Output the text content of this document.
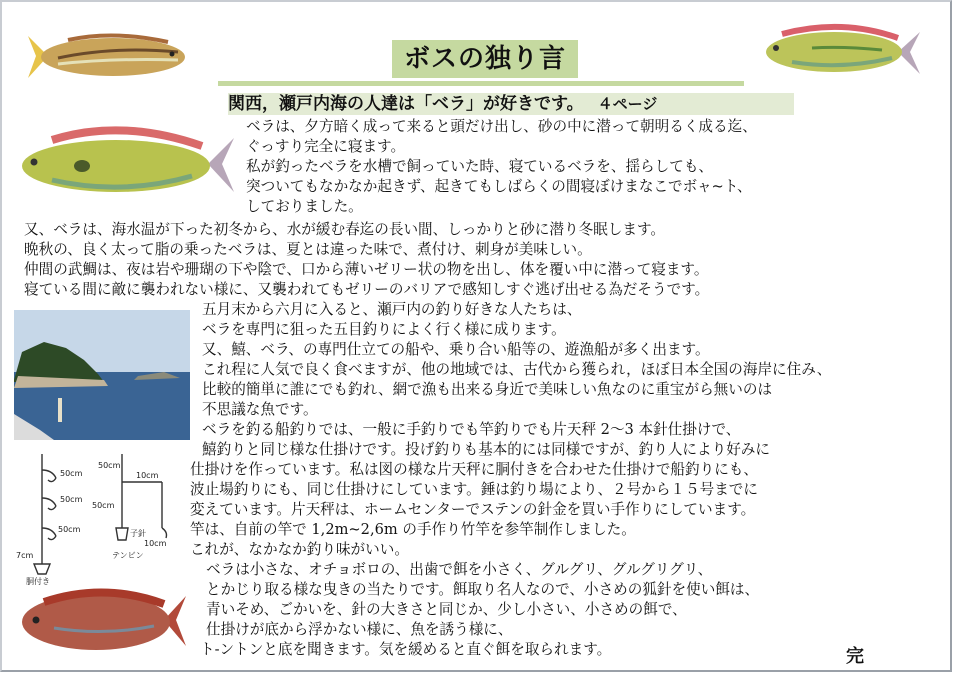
50cm
50cm
50cm
50cm
10cm
50cm
10cm
子針
7cm
胴付き
テンビン
ボスの独り言
関西，瀬戸内海の人達は「ベラ」が好きです。 ４ページ
ベラは、夕方暗く成って来ると頭だけ出し、砂の中に潜って朝明るく成る迄、
ぐっすり完全に寝ます。
私が釣ったベラを水槽で飼っていた時、寝ているベラを、揺らしても、
突ついてもなかなか起きず、起きてもしばらくの間寝ぼけまなこでボャ~ト、
しておりました。
又、ベラは、海水温が下った初冬から、水が緩む春迄の長い間、しっかりと砂に潜り冬眠します。
晩秋の、良く太って脂の乗ったベラは、夏とは違った味で、煮付け、刺身が美味しい。
仲間の武鯛は、夜は岩や珊瑚の下や陰で、口から薄いゼリー状の物を出し、体を覆い中に潜って寝ます。
寝ている間に敵に襲われない様に、又襲われてもゼリーのバリアで感知しすぐ逃げ出せる為だそうです。
五月末から六月に入ると、瀬戸内の釣り好きな人たちは、
ベラを専門に狙った五目釣りによく行く様に成ります。
又、鱚、ベラ、の専門仕立ての船や、乗り合い船等の、遊漁船が多く出ます。
これ程に人気で良く食べますが、他の地域では、古代から獲られ，ほぼ日本全国の海岸に住み、
比較的簡単に誰にでも釣れ、網で漁も出来る身近で美味しい魚なのに重宝がら無いのは
不思議な魚です。
ベラを釣る船釣りでは、一般に手釣りでも竿釣りでも片天秤 2～3 本針仕掛けで、
鱚釣りと同じ様な仕掛けです。投げ釣りも基本的には同様ですが、釣り人により好みに
仕掛けを作っています。私は図の様な片天秤に胴付きを合わせた仕掛けで船釣りにも、
波止場釣りにも、同じ仕掛けにしています。錘は釣り場により、２号から１５号までに
変えています。片天秤は、ホームセンターでステンの針金を買い手作りにしています。
竿は、自前の竿で 1,2m~2,6m の手作り竹竿を参竿制作しました。
これが、なかなか釣り味がいい。
ベラは小さな、オチョボロの、出歯で餌を小さく、グルグリ、グルグリグリ、
とかじり取る様な曳きの当たりです。餌取り名人なので、小さめの狐針を使い餌は、
青いそめ、ごかいを、針の大きさと同じか、少し小さい、小さめの餌で、
仕掛けが底から浮かない様に、魚を誘う様に、
ト-ントンと底を聞きます。気を緩めると直ぐ餌を取られます。	完
